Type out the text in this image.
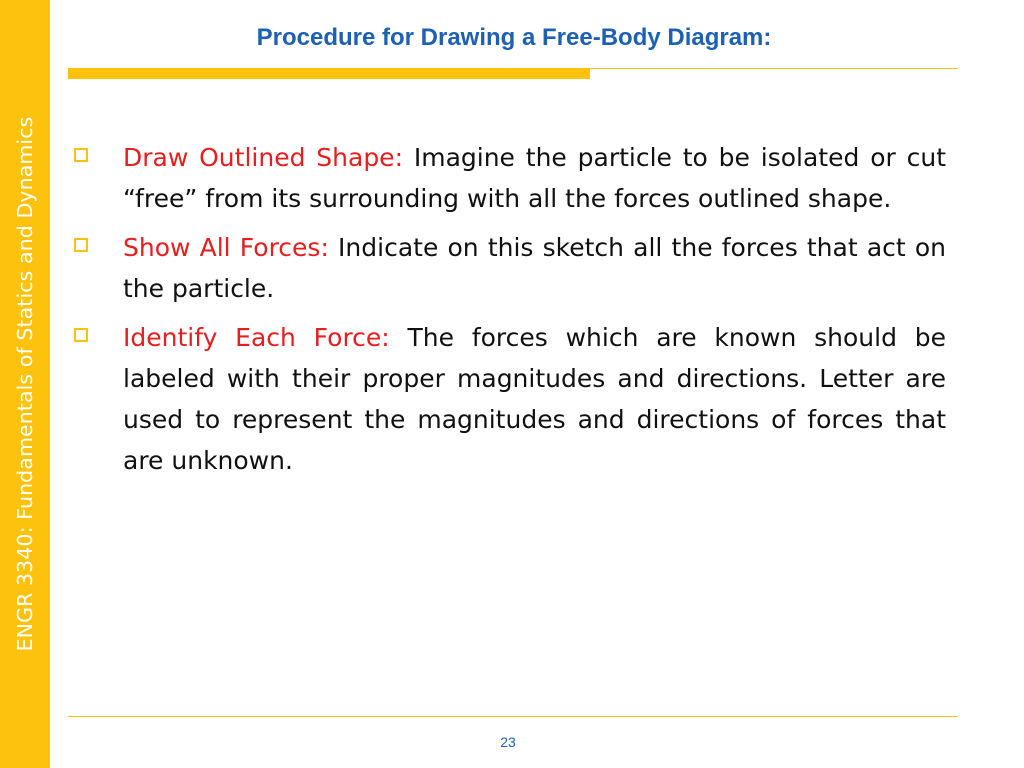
ENGR 3340: Fundamentals of Statics and Dynamics
Procedure for Drawing a Free-Body Diagram:
Draw Outlined Shape: Imagine the particle to be isolated or cut “free” from its surrounding with all the forces outlined shape.
Show All Forces: Indicate on this sketch all the forces that act on the particle.
Identify Each Force: The forces which are known should be labeled with their proper magnitudes and directions. Letter are used to represent the magnitudes and directions of forces that are unknown.
23
